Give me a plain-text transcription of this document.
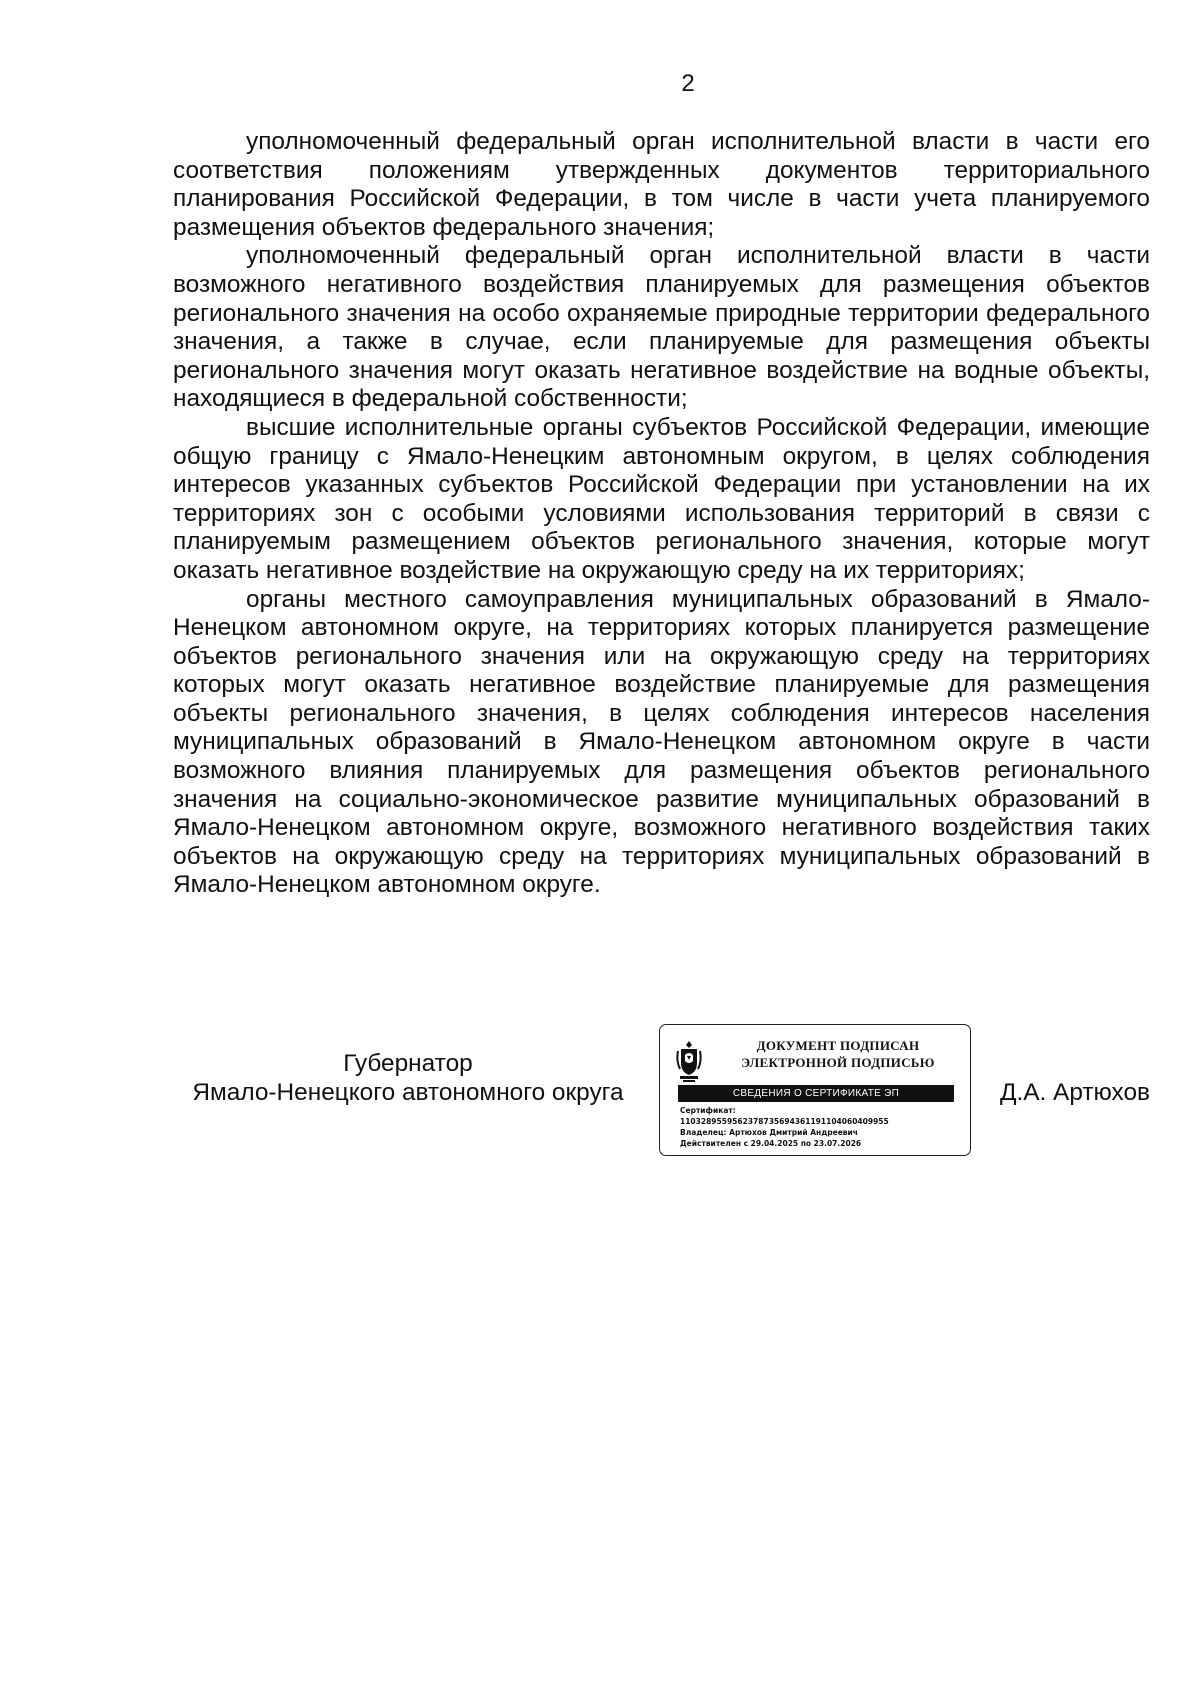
2

уполномоченный федеральный орган исполнительной власти в части его соответствия положениям утвержденных документов территориального планирования Российской Федерации, в том числе в части учета планируемого размещения объектов федерального значения;

уполномоченный федеральный орган исполнительной власти в части возможного негативного воздействия планируемых для размещения объектов регионального значения на особо охраняемые природные территории федерального значения, а также в случае, если планируемые для размещения объекты регионального значения могут оказать негативное воздействие на водные объекты, находящиеся в федеральной собственности;

высшие исполнительные органы субъектов Российской Федерации, имеющие общую границу с Ямало-Ненецким автономным округом, в целях соблюдения интересов указанных субъектов Российской Федерации при установлении на их территориях зон с особыми условиями использования территорий в связи с планируемым размещением объектов регионального значения, которые могут оказать негативное воздействие на окружающую среду на их территориях;

органы местного самоуправления муниципальных образований в Ямало-Ненецком автономном округе, на территориях которых планируется размещение объектов регионального значения или на окружающую среду на территориях которых могут оказать негативное воздействие планируемые для размещения объекты регионального значения, в целях соблюдения интересов населения муниципальных образований в Ямало-Ненецком автономном округе в части возможного влияния планируемых для размещения объектов регионального значения на социально-экономическое развитие муниципальных образований в Ямало-Ненецком автономном округе, возможного негативного воздействия таких объектов на окружающую среду на территориях муниципальных образований в Ямало-Ненецком автономном округе.

Губернатор
Ямало-Ненецкого автономного округа
ДОКУМЕНТ ПОДПИСАН
ЭЛЕКТРОННОЙ ПОДПИСЬЮ
СВЕДЕНИЯ О СЕРТИФИКАТЕ ЭП
Сертификат:
1103289559562378735694361191104060409955
Владелец: Артюхов Дмитрий Андреевич
Действителен с 29.04.2025 по 23.07.2026
Д.А. Артюхов
